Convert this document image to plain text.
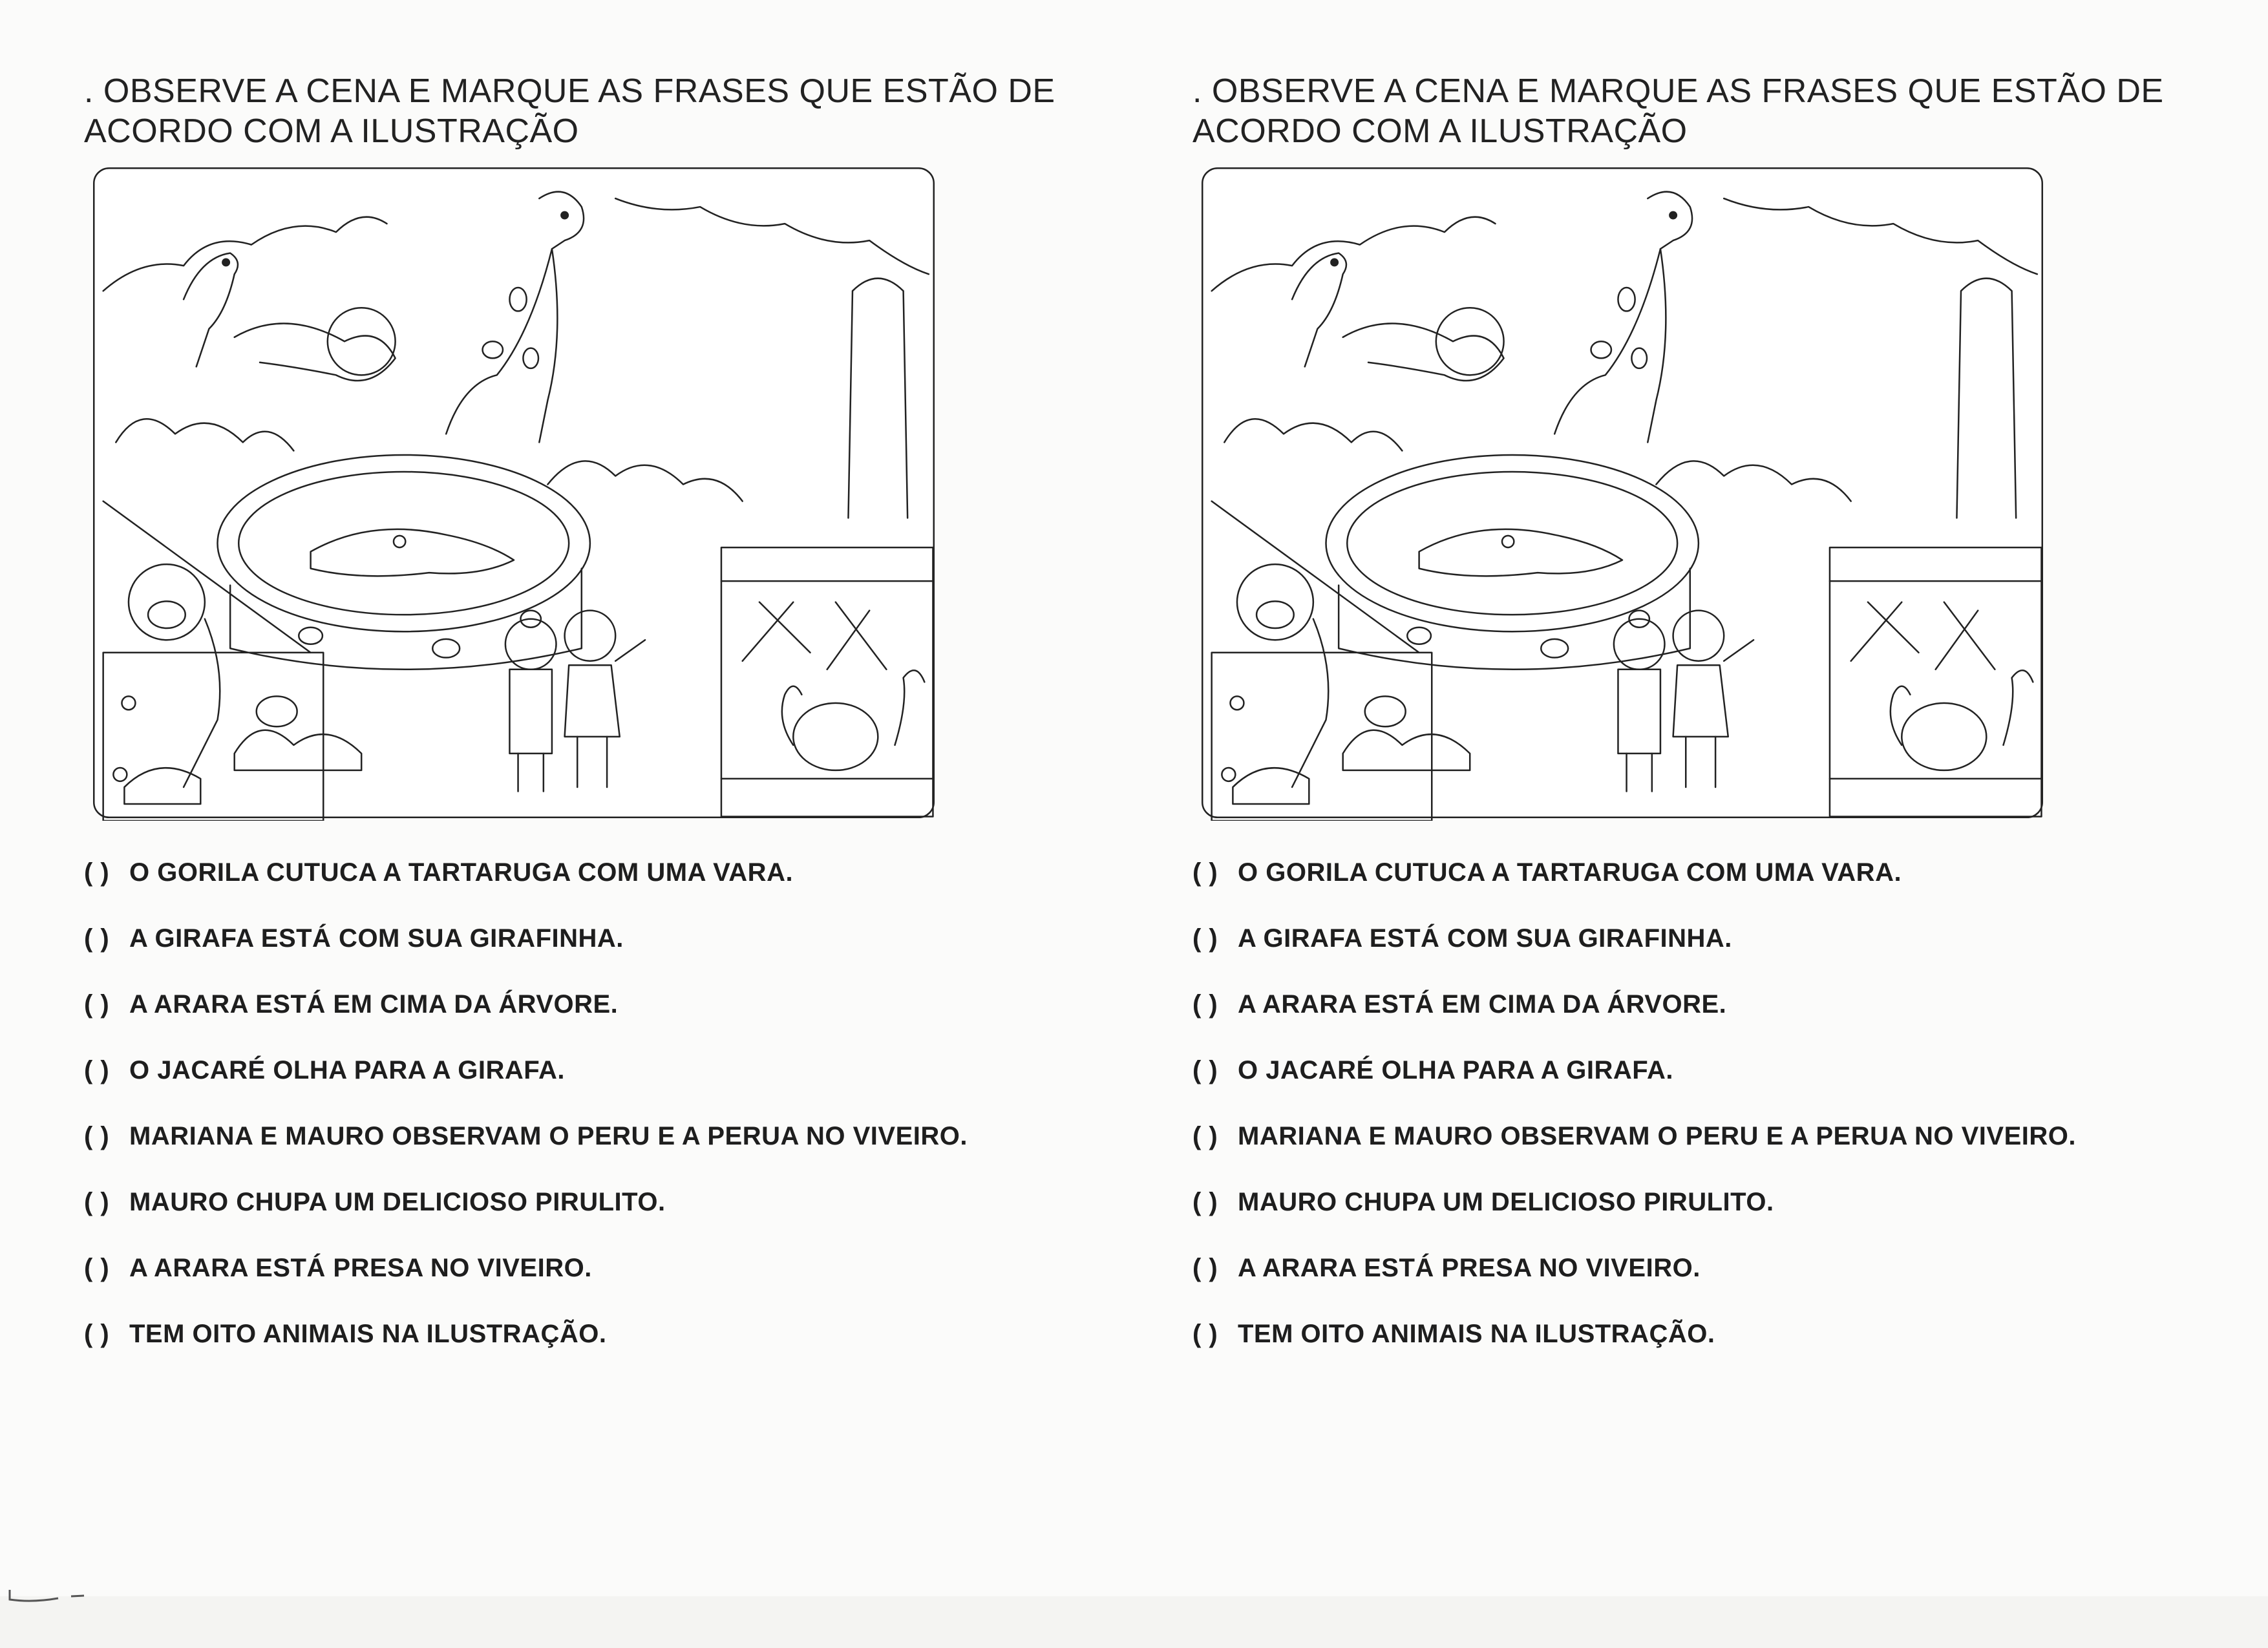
. OBSERVE A CENA E MARQUE AS FRASES QUE ESTÃO DE ACORDO COM A ILUSTRAÇÃO

( ) O GORILA CUTUCA A TARTARUGA COM UMA VARA.
( ) A GIRAFA ESTÁ COM SUA GIRAFINHA.
( ) A ARARA ESTÁ EM CIMA DA ÁRVORE.
( ) O JACARÉ OLHA PARA A GIRAFA.
( ) MARIANA E MAURO OBSERVAM O PERU E A PERUA NO VIVEIRO.
( ) MAURO CHUPA UM DELICIOSO PIRULITO.
( ) A ARARA ESTÁ PRESA NO VIVEIRO.
( ) TEM OITO ANIMAIS NA ILUSTRAÇÃO.

. OBSERVE A CENA E MARQUE AS FRASES QUE ESTÃO DE ACORDO COM A ILUSTRAÇÃO

( ) O GORILA CUTUCA A TARTARUGA COM UMA VARA.
( ) A GIRAFA ESTÁ COM SUA GIRAFINHA.
( ) A ARARA ESTÁ EM CIMA DA ÁRVORE.
( ) O JACARÉ OLHA PARA A GIRAFA.
( ) MARIANA E MAURO OBSERVAM O PERU E A PERUA NO VIVEIRO.
( ) MAURO CHUPA UM DELICIOSO PIRULITO.
( ) A ARARA ESTÁ PRESA NO VIVEIRO.
( ) TEM OITO ANIMAIS NA ILUSTRAÇÃO.
